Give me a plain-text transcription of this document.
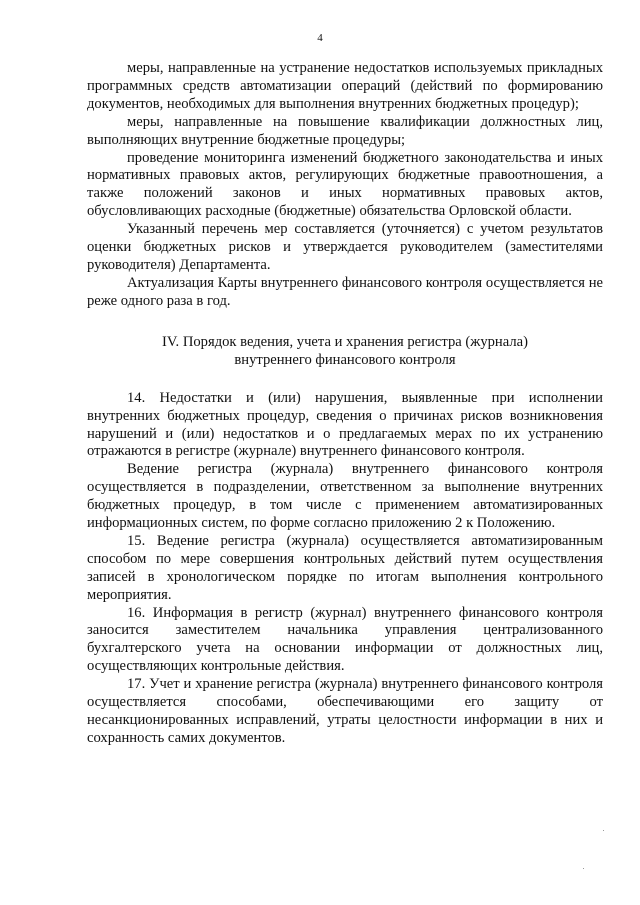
4

меры, направленные на устранение недостатков используемых прикладных программных средств автоматизации операций (действий по формированию документов, необходимых для выполнения внутренних бюджетных процедур);

меры, направленные на повышение квалификации должностных лиц, выполняющих внутренние бюджетные процедуры;

проведение мониторинга изменений бюджетного законодательства и иных нормативных правовых актов, регулирующих бюджетные правоотношения, а также положений законов и иных нормативных правовых актов, обусловливающих расходные (бюджетные) обязательства Орловской области.

Указанный перечень мер составляется (уточняется) с учетом результатов оценки бюджетных рисков и утверждается руководителем (заместителями руководителя) Департамента.

Актуализация Карты внутреннего финансового контроля осуществляется не реже одного раза в год.

IV. Порядок ведения, учета и хранения регистра (журнала)
внутреннего финансового контроля

14. Недостатки и (или) нарушения, выявленные при исполнении внутренних бюджетных процедур, сведения о причинах рисков возникновения нарушений и (или) недостатков и о предлагаемых мерах по их устранению отражаются в регистре (журнале) внутреннего финансового контроля.

Ведение регистра (журнала) внутреннего финансового контроля осуществляется в подразделении, ответственном за выполнение внутренних бюджетных процедур, в том числе с применением автоматизированных информационных систем, по форме согласно приложению 2 к Положению.

15. Ведение регистра (журнала) осуществляется автоматизированным способом по мере совершения контрольных действий путем осуществления записей в хронологическом порядке по итогам выполнения контрольного мероприятия.

16. Информация в регистр (журнал) внутреннего финансового контроля заносится заместителем начальника управления централизованного бухгалтерского учета на основании информации от должностных лиц, осуществляющих контрольные действия.

17. Учет и хранение регистра (журнала) внутреннего финансового контроля осуществляется способами, обеспечивающими его защиту от несанкционированных исправлений, утраты целостности информации в них и сохранность самих документов.
